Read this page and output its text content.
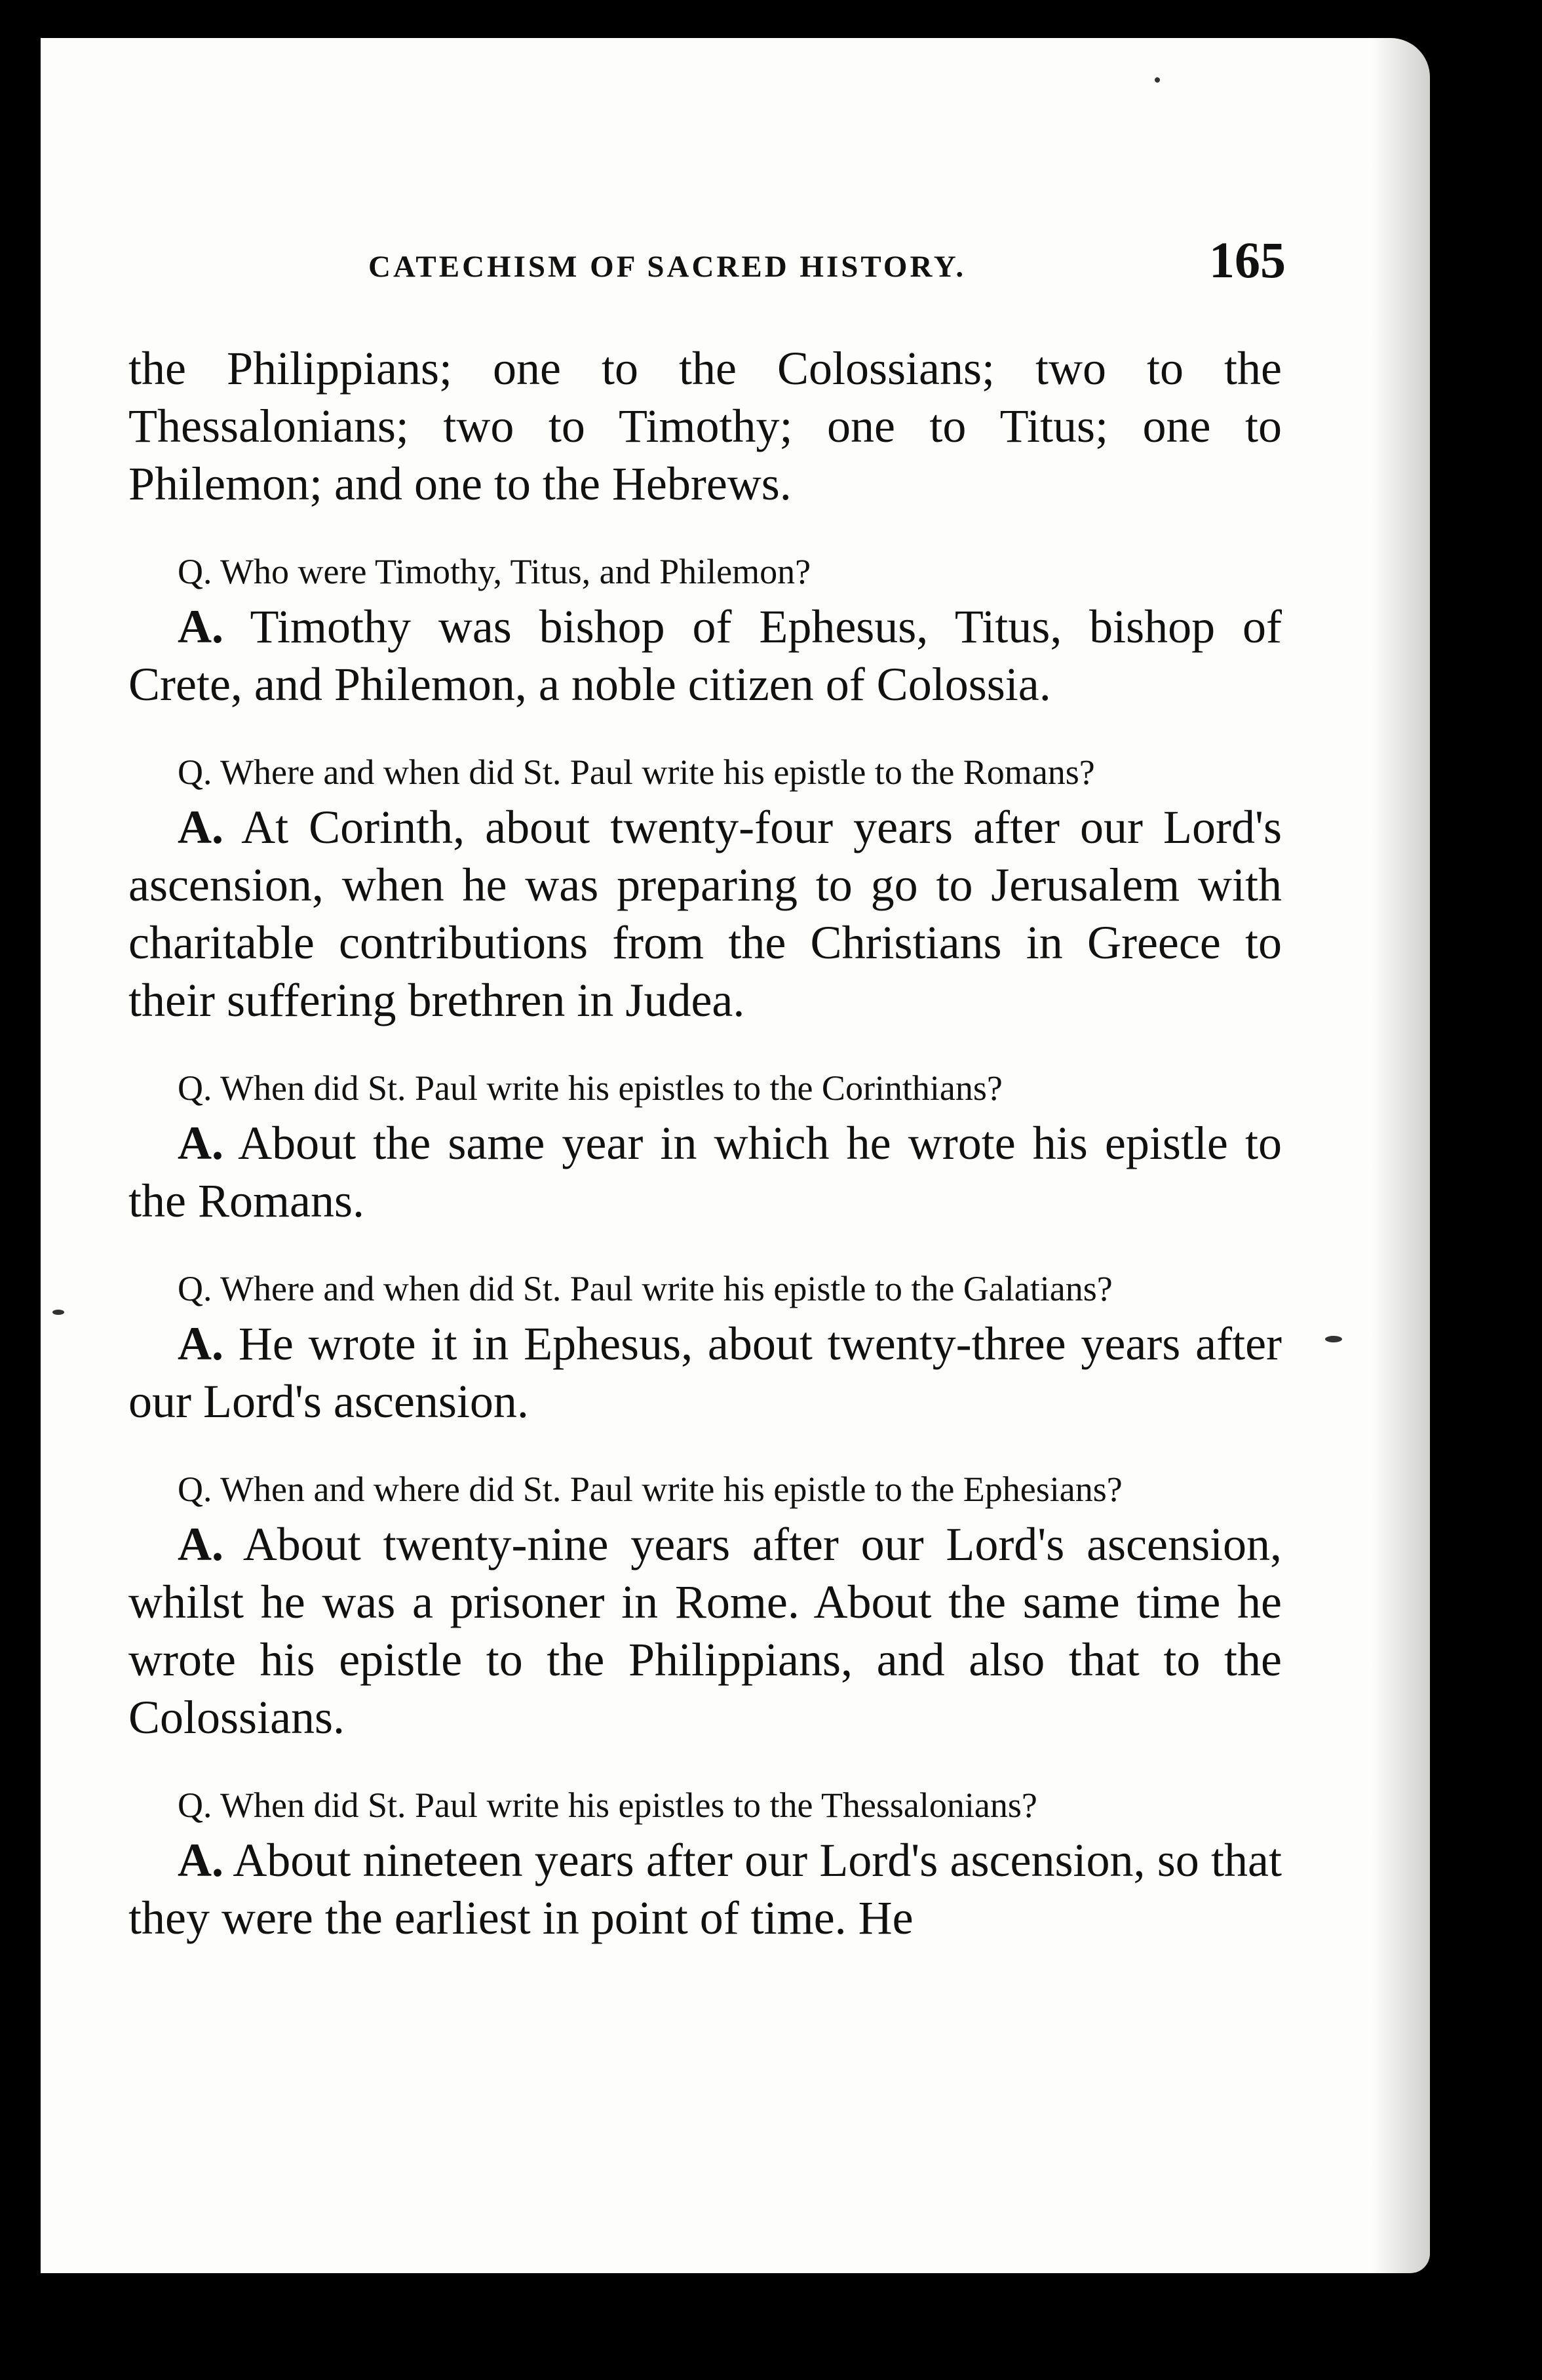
CATECHISM OF SACRED HISTORY.	165

the Philippians; one to the Colossians; two to the Thessalonians; two to Timothy; one to Titus; one to Philemon; and one to the Hebrews.

Q. Who were Timothy, Titus, and Philemon?

A. Timothy was bishop of Ephesus, Titus, bishop of Crete, and Philemon, a noble citizen of Colossia.

Q. Where and when did St. Paul write his epistle to the Romans?

A. At Corinth, about twenty-four years after our Lord's ascension, when he was preparing to go to Jerusalem with charitable contributions from the Christians in Greece to their suffering brethren in Judea.

Q. When did St. Paul write his epistles to the Corinthians?

A. About the same year in which he wrote his epistle to the Romans.

Q. Where and when did St. Paul write his epistle to the Galatians?

A. He wrote it in Ephesus, about twenty-three years after our Lord's ascension.

Q. When and where did St. Paul write his epistle to the Ephesians?

A. About twenty-nine years after our Lord's ascension, whilst he was a prisoner in Rome. About the same time he wrote his epistle to the Philippians, and also that to the Colossians.

Q. When did St. Paul write his epistles to the Thessalonians?

A. About nineteen years after our Lord's ascension, so that they were the earliest in point of time. He
